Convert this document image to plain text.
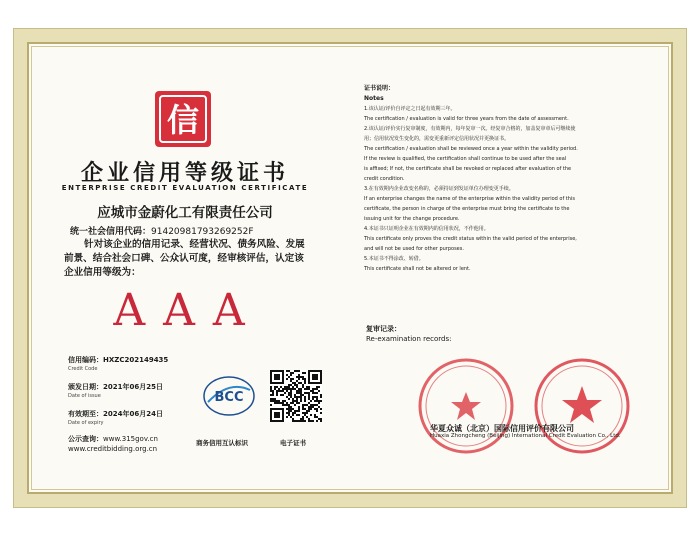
信
企业信用等级证书
ENTERPRISE CREDIT EVALUATION CERTIFICATE
应城市金蔚化工有限责任公司
统一社会信用代码：91420981793269252F
针对该企业的信用记录、经营状况、债务风险、发展
前景、结合社会口碑、公众认可度，经审核评估，认定该
企业信用等级为：
AAA
信用编码：HXZC202149435
Credit Code
颁发日期：2021年06月25日
Date of issue
有效期至：2024年06月24日
Date of expiry
公示查询：www.315gov.cn
www.creditbidding.org.cn
BCC
商务信用互认标识	电子证书
证书说明：
Notes
1.该认证/评价自评定之日起有效期三年。
The certification / evaluation is valid for three years from the date of assessment.
2.该认证/评价实行复审制度，有效期内，每年复审一次。经复审合格的，加盖复审章后可继续使
用；信用状况发生变化的，需变更重新评定信用状况并更换证书。
The certification / evaluation shall be reviewed once a year within the validity period.
If the review is qualified, the certification shall continue to be used after the seal
is affixed; If not, the certificate shall be revoked or replaced after evaluation of the
credit condition.
3.在有效期内企业改变名称的，必须持证到发证单位办理变更手续。
If an enterprise changes the name of the enterprise within the validity period of this
certificate, the person in charge of the enterprise must bring the certificate to the
issuing unit for the change procedure.
4.本证书只证明企业在有效期内的信用状况，不作他用。
This certificate only proves the credit status within the valid period of the enterprise,
and will not be used for other purposes.
5.本证书不得涂改、转借。
This certificate shall not be altered or lent.
复审记录：
Re-examination records:
华夏众诚（北京）国际信用评价有限公司
Huaxia Zhongcheng (Beijing) International Credit Evaluation Co., Ltd.
